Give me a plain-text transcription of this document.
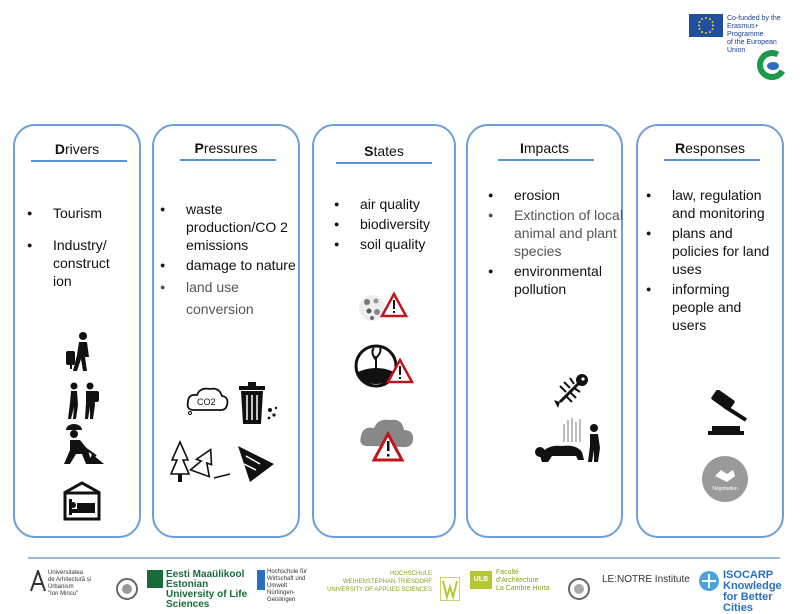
Co-funded by the
Erasmus+ Programme
of the European Union
Drivers
● Tourism
● Industry/
construct
ion
Pressures
● waste production/CO 2 emissions
● damage to nature
● land use conversion
CO2
States
● air quality
● biodiversity
● soil quality
Impacts
● erosion
● Extinction of local animal and plant species
● environmental pollution
Responses
● law, regulation and monitoring
● plans and policies for land uses
● informing people and users
Negotiation

Universitatea
de Arhitectură și Urbanism
"Ion Mincu"

Eesti Maaülikool
Estonian University of Life Sciences

Hochschule für
Wirtschaft und Umwelt
Nürtingen-Geislingen

HOCHSCHULE
WEIHENSTEPHAN-TRIESDORF
UNIVERSITY OF APPLIED SCIENCES

ULB

Faculté
d'Architecture
La Cambre Horta

LE:NOTRE Institute	ISOCARP
Knowledge for Better Cities
